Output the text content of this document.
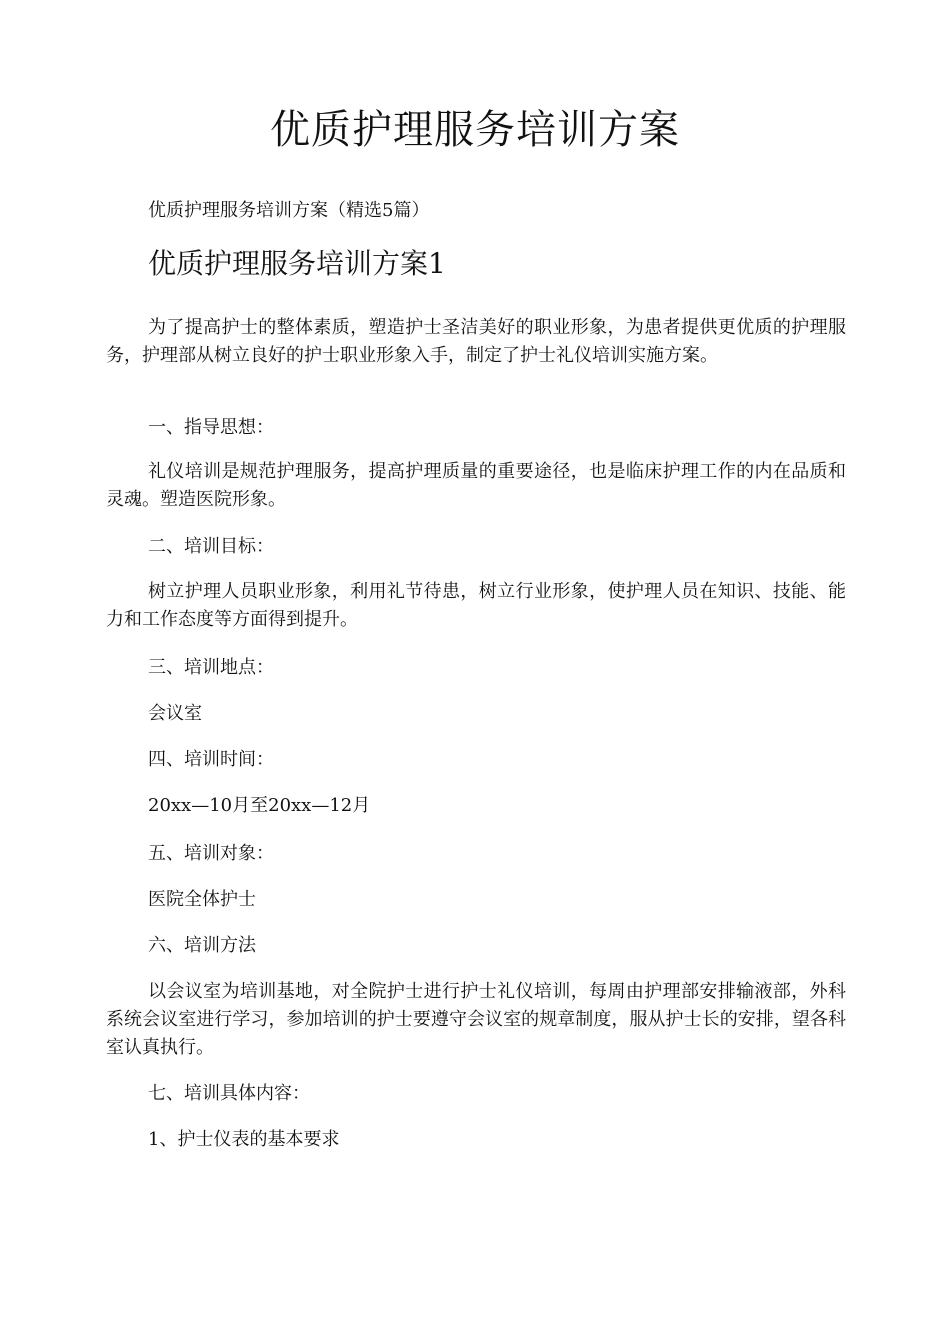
优质护理服务培训方案

优质护理服务培训方案（精选5篇）

优质护理服务培训方案1

为了提高护士的整体素质，塑造护士圣洁美好的职业形象，为患者提供更优质的护理服务，护理部从树立良好的护士职业形象入手，制定了护士礼仪培训实施方案。

一、指导思想：

礼仪培训是规范护理服务，提高护理质量的重要途径，也是临床护理工作的内在品质和灵魂。塑造医院形象。

二、培训目标：

树立护理人员职业形象，利用礼节待患，树立行业形象，使护理人员在知识、技能、能力和工作态度等方面得到提升。

三、培训地点：

会议室

四、培训时间：

20xx—10月至20xx—12月

五、培训对象：

医院全体护士

六、培训方法

以会议室为培训基地，对全院护士进行护士礼仪培训，每周由护理部安排输液部，外科系统会议室进行学习，参加培训的护士要遵守会议室的规章制度，服从护士长的安排，望各科室认真执行。

七、培训具体内容：

1、护士仪表的基本要求
